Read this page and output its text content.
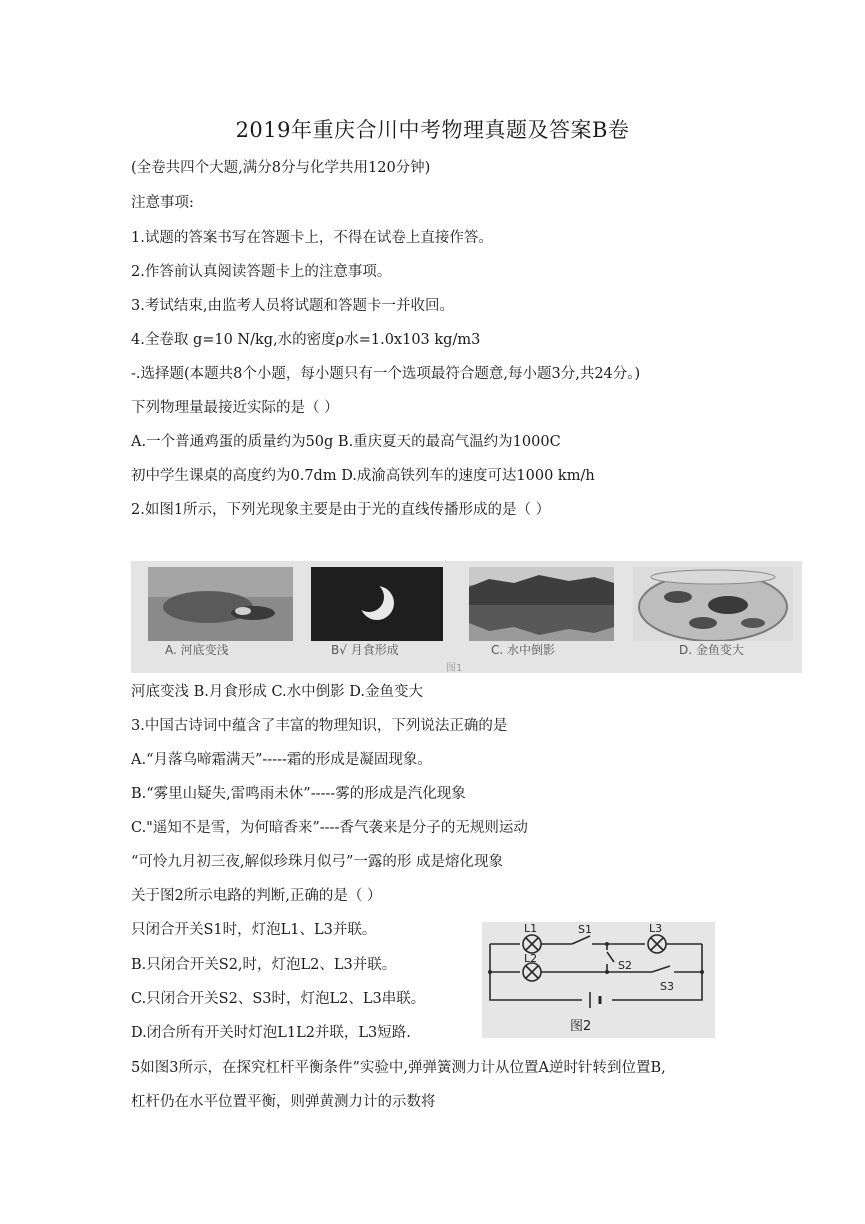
2019年重庆合川中考物理真题及答案B卷
(全卷共四个大题,满分8分与化学共用120分钟)
注意事项:
1.试题的答案书写在答题卡上，不得在试卷上直接作答。
2.作答前认真阅读答题卡上的注意事项。
3.考试结束,由监考人员将试题和答题卡一并收回。
4.全卷取 g=10 N/kg,水的密度ρ水=1.0x103 kg/m3
-.选择题(本题共8个小题，每小题只有一个选项最符合题意,每小题3分,共24分。)
下列物理量最接近实际的是（ ）
A.一个普通鸡蛋的质量约为50g B.重庆夏天的最高气温约为1000C
初中学生课桌的高度约为0.7dm D.成渝高铁列车的速度可达1000 km/h
2.如图1所示，下列光现象主要是由于光的直线传播形成的是（ ）
A. 河底变浅	B√ 月食形成	C. 水中倒影	D. 金鱼变大
图1
河底变浅 B.月食形成 C.水中倒影 D.金鱼变大
3.中国古诗词中蕴含了丰富的物理知识，下列说法正确的是
A.“月落乌啼霜满天”-----霜的形成是凝固现象。
B.“雾里山疑失,雷鸣雨未休”-----雾的形成是汽化现象
C."遥知不是雪，为何暗香来”----香气袭来是分子的无规则运动
“可怜九月初三夜,解似珍珠月似弓”一露的形 成是熔化现象
关于图2所示电路的判断,正确的是（ ）
只闭合开关S1时，灯泡L1、L3并联。
B.只闭合开关S2,时，灯泡L2、L3并联。
C.只闭合开关S2、S3时，灯泡L2、L3串联。
D.闭合所有开关时灯泡L1L2并联，L3短路.
L1	S1	L3
L2
S2
S3
图2
5如图3所示，在探究杠杆平衡条件”实验中,弹弹簧测力计从位置A逆时针转到位置B,
杠杆仍在水平位置平衡，则弹黄测力计的示数将
